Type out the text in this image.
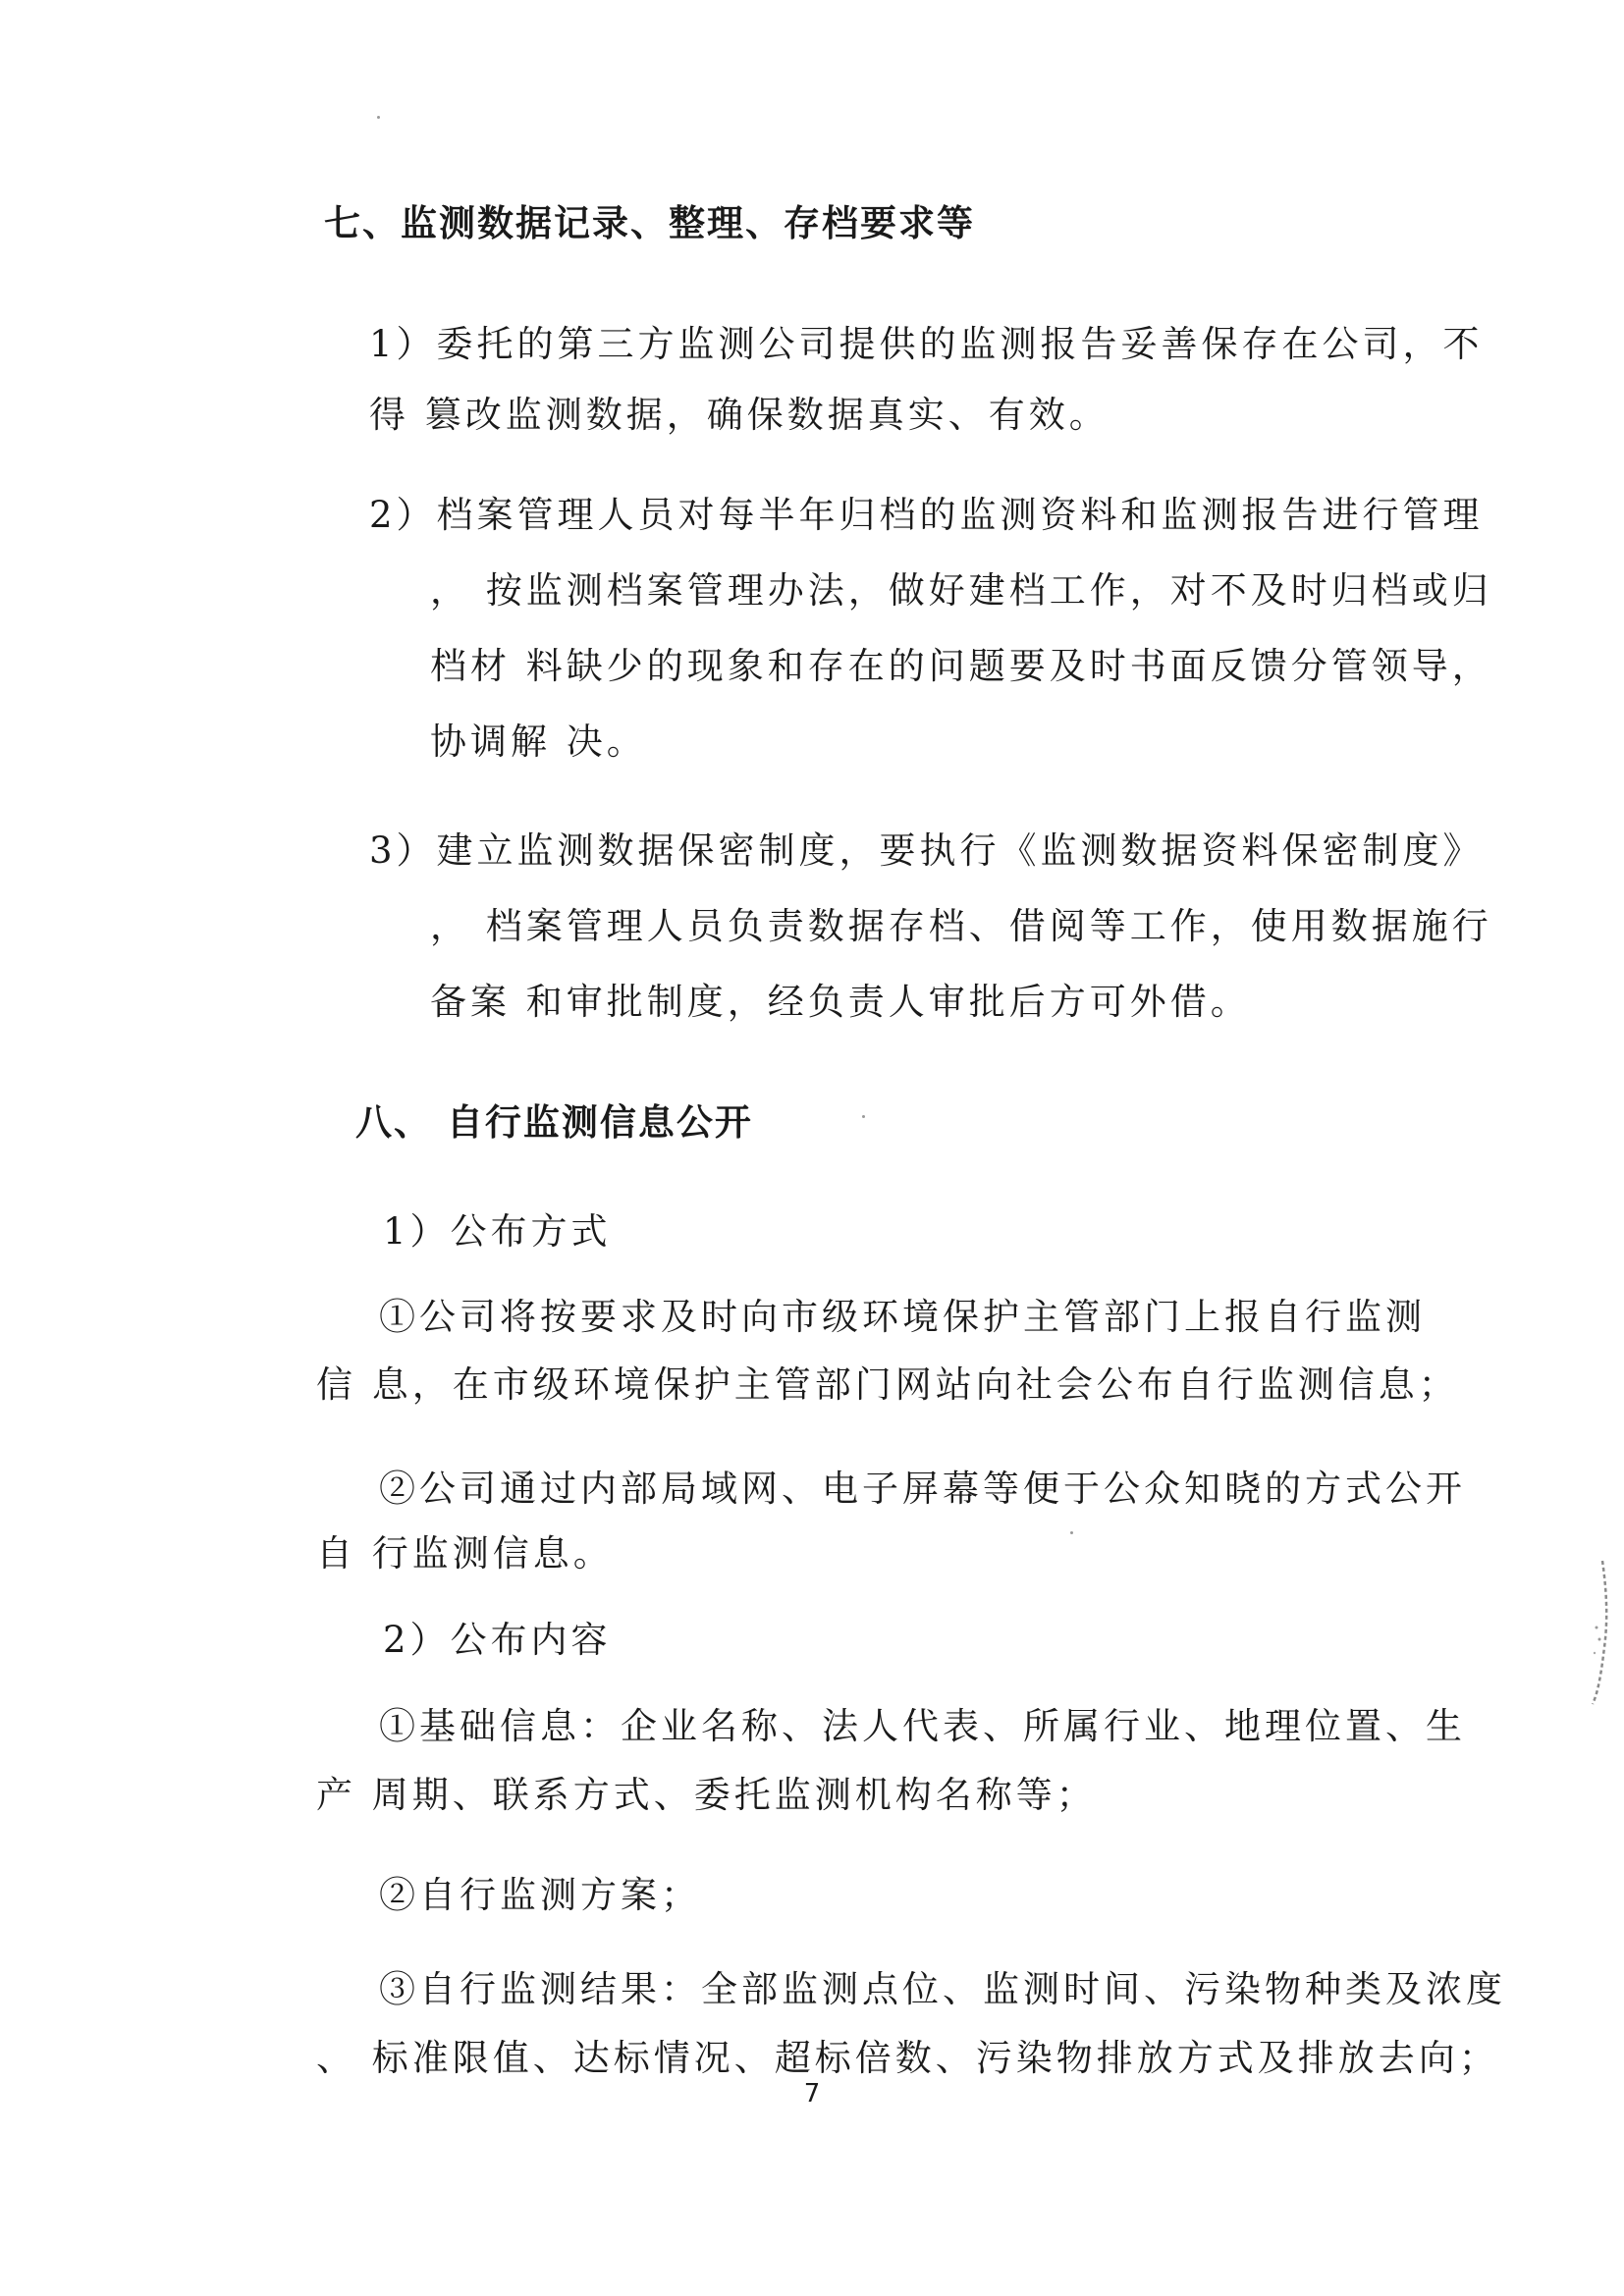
七、监测数据记录、整理、存档要求等

1）委托的第三方监测公司提供的监测报告妥善保存在公司，不

得 篡改监测数据，确保数据真实、有效。

2）档案管理人员对每半年归档的监测资料和监测报告进行管理

， 按监测档案管理办法，做好建档工作，对不及时归档或归

档材 料缺少的现象和存在的问题要及时书面反馈分管领导，

协调解 决。

3）建立监测数据保密制度，要执行《监测数据资料保密制度》

， 档案管理人员负责数据存档、借阅等工作，使用数据施行

备案 和审批制度，经负责人审批后方可外借。

八、 自行监测信息公开

1）公布方式

①公司将按要求及时向市级环境保护主管部门上报自行监测

信 息，在市级环境保护主管部门网站向社会公布自行监测信息；

②公司通过内部局域网、电子屏幕等便于公众知晓的方式公开

自 行监测信息。

2）公布内容

①基础信息：企业名称、法人代表、所属行业、地理位置、生

产 周期、联系方式、委托监测机构名称等；

②自行监测方案；

③自行监测结果：全部监测点位、监测时间、污染物种类及浓度

、 标准限值、达标情况、超标倍数、污染物排放方式及排放去向；

7
